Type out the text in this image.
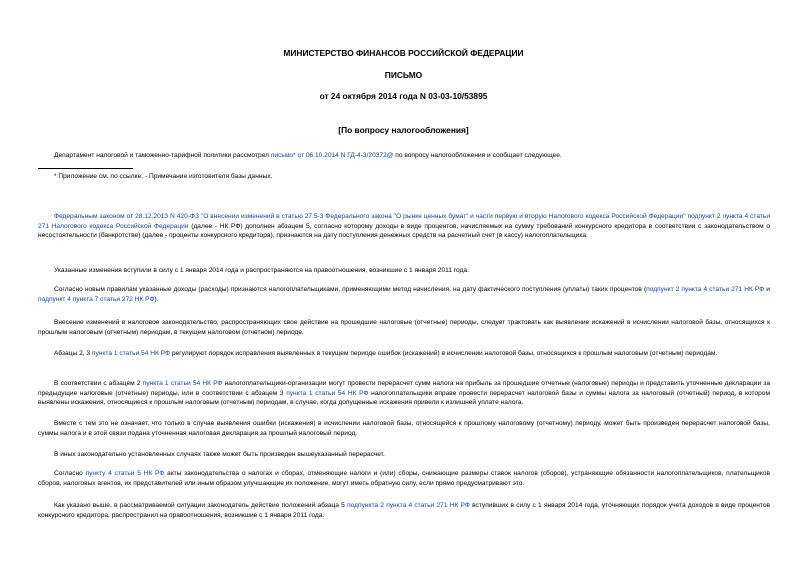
МИНИСТЕРСТВО ФИНАНСОВ РОССИЙСКОЙ ФЕДЕРАЦИИ
ПИСЬМО
от 24 октября 2014 года N 03-03-10/53895
[По вопросу налогообложения]

Департамент налоговой и таможенно-тарифной политики рассмотрел письмо* от 06.10.2014 N ГД-4-3/20372@ по вопросу налогообложения и сообщает следующее.

* Приложение см. по ссылке. - Примечание изготовителя базы данных.

Федеральным законом от 28.12.2013 N 420-ФЗ "О внесении изменений в статью 27.5-3 Федерального закона "О рынке ценных бумаг" и части первую и вторую Налогового кодекса Российской Федерации" подпункт 2 пункта 4 статьи 271 Налогового кодекса Российской Федерации (далее - НК РФ) дополнен абзацем 5, согласно которому доходы в виде процентов, начисляемых на сумму требований конкурсного кредитора в соответствии с законодательством о несостоятельности (банкротстве) (далее - проценты конкурсного кредитора), признаются на дату поступления денежных средств на расчетный счет (в кассу) налогоплательщика.

Указанные изменения вступили в силу с 1 января 2014 года и распространяются на правоотношения, возникшие с 1 января 2011 года.

Согласно новым правилам указанные доходы (расходы) признаются налогоплательщиками, применяющими метод начисления, на дату фактического поступления (уплаты) таких процентов (подпункт 2 пункта 4 статьи 271 НК РФ и подпункт 4 пункта 7 статьи 272 НК РФ).

Внесение изменений в налоговое законодательство, распространяющих свое действие на прошедшие налоговые (отчетные) периоды, следует трактовать как выявление искажений в исчислении налоговой базы, относящихся к прошлым налоговым (отчетным) периодам, в текущем налоговом (отчетном) периоде.

Абзацы 2, 3 пункта 1 статьи 54 НК РФ регулируют порядок исправления выявленных в текущем периоде ошибок (искажений) в исчислении налоговой базы, относящихся к прошлым налоговым (отчетным) периодам.

В соответствии с абзацем 2 пункта 1 статьи 54 НК РФ налогоплательщики-организации могут провести перерасчет сумм налога на прибыль за прошедшие отчетные (налоговые) периоды и представить уточненные декларации за предыдущие налоговые (отчетные) периоды, или в соответствии с абзацем 3 пункта 1 статьи 54 НК РФ налогоплательщики вправе провести перерасчет налоговой базы и суммы налога за налоговый (отчетный) период, в котором выявлены искажения, относящиеся к прошлым налоговым (отчетным) периодам, в случае, когда допущенные искажения привели к излишней уплате налога.

Вместе с тем это не означает, что только в случае выявления ошибки (искажения) в исчислении налоговой базы, относящейся к прошлому налоговому (отчетному) периоду, может быть произведен перерасчет налоговой базы, суммы налога и в этой связи подана уточненная налоговая декларация за прошлый налоговый период.

В иных законодательно установленных случаях также может быть произведен вышеуказанный перерасчет.

Согласно пункту 4 статьи 5 НК РФ акты законодательства о налогах и сборах, отменяющие налоги и (или) сборы, снижающие размеры ставок налогов (сборов), устраняющие обязанности налогоплательщиков, плательщиков сборов, налоговых агентов, их представителей или иным образом улучшающие их положение, могут иметь обратную силу, если прямо предусматривают это.

Как указано выше, в рассматриваемой ситуации законодатель действие положений абзаца 5 подпункта 2 пункта 4 статьи 271 НК РФ вступивших в силу с 1 января 2014 года, уточняющих порядок учета доходов в виде процентов конкурсного кредитора, распространил на правоотношения, возникшие с 1 января 2011 года.
